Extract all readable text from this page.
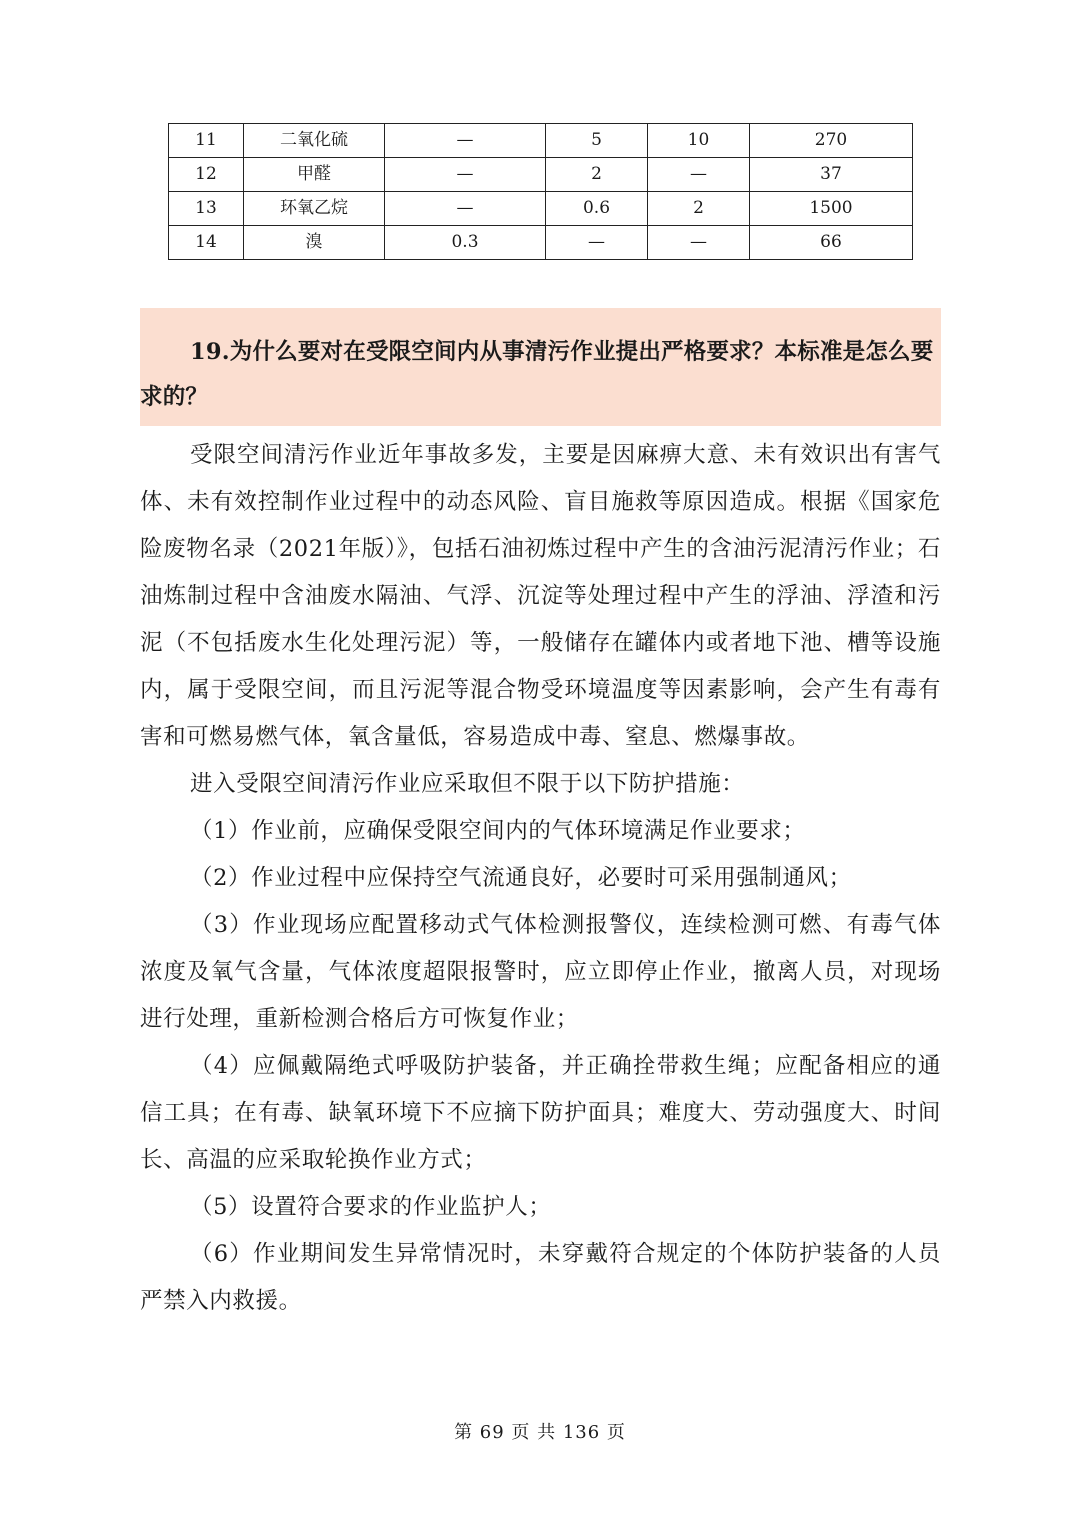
11	二氧化硫	—	5	10	270
12	甲醛	—	2	—	37
13	环氧乙烷	—	0.6	2	1500
14	溴	0.3	—	—	66

19.为什么要对在受限空间内从事清污作业提出严格要求？本标准是怎么要求的？

受限空间清污作业近年事故多发，主要是因麻痹大意、未有效识出有害气体、未有效控制作业过程中的动态风险、盲目施救等原因造成。根据《国家危险废物名录（2021年版）》，包括石油初炼过程中产生的含油污泥清污作业；石油炼制过程中含油废水隔油、气浮、沉淀等处理过程中产生的浮油、浮渣和污泥（不包括废水生化处理污泥）等，一般储存在罐体内或者地下池、槽等设施内，属于受限空间，而且污泥等混合物受环境温度等因素影响，会产生有毒有害和可燃易燃气体，氧含量低，容易造成中毒、窒息、燃爆事故。

进入受限空间清污作业应采取但不限于以下防护措施：

（1）作业前，应确保受限空间内的气体环境满足作业要求；

（2）作业过程中应保持空气流通良好，必要时可采用强制通风；

（3）作业现场应配置移动式气体检测报警仪，连续检测可燃、有毒气体浓度及氧气含量，气体浓度超限报警时，应立即停止作业，撤离人员，对现场进行处理，重新检测合格后方可恢复作业；

（4）应佩戴隔绝式呼吸防护装备，并正确拴带救生绳；应配备相应的通信工具；在有毒、缺氧环境下不应摘下防护面具；难度大、劳动强度大、时间长、高温的应采取轮换作业方式；

（5）设置符合要求的作业监护人；

（6）作业期间发生异常情况时，未穿戴符合规定的个体防护装备的人员严禁入内救援。

第 69 页 共 136 页
